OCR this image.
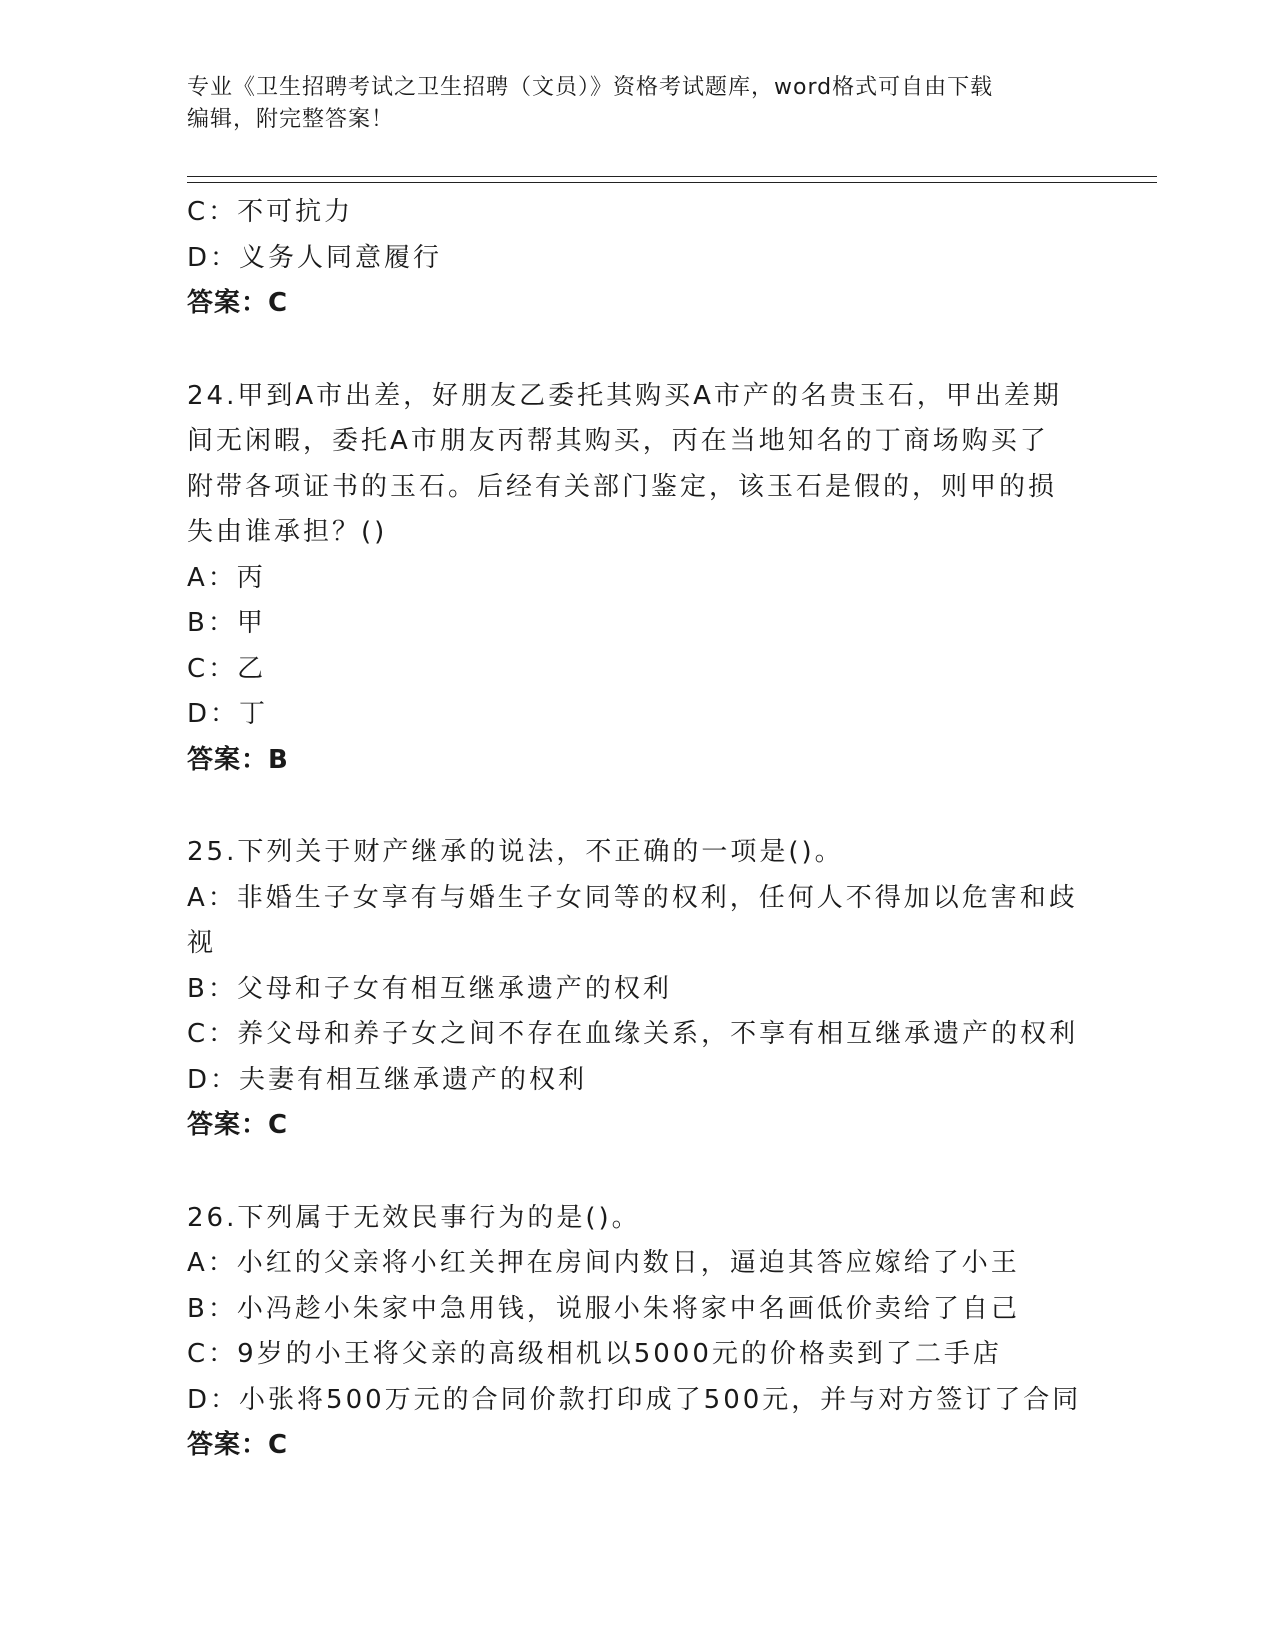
专业《卫生招聘考试之卫生招聘（文员）》资格考试题库，word格式可自由下载
编辑，附完整答案！
C：不可抗力
D：义务人同意履行
答案：C
24.甲到A市出差，好朋友乙委托其购买A市产的名贵玉石，甲出差期
间无闲暇，委托A市朋友丙帮其购买，丙在当地知名的丁商场购买了
附带各项证书的玉石。后经有关部门鉴定，该玉石是假的，则甲的损
失由谁承担？()
A：丙
B：甲
C：乙
D：丁
答案：B
25.下列关于财产继承的说法，不正确的一项是()。
A：非婚生子女享有与婚生子女同等的权利，任何人不得加以危害和歧
视
B：父母和子女有相互继承遗产的权利
C：养父母和养子女之间不存在血缘关系，不享有相互继承遗产的权利
D：夫妻有相互继承遗产的权利
答案：C
26.下列属于无效民事行为的是()。
A：小红的父亲将小红关押在房间内数日，逼迫其答应嫁给了小王
B：小冯趁小朱家中急用钱，说服小朱将家中名画低价卖给了自己
C：9岁的小王将父亲的高级相机以5000元的价格卖到了二手店
D：小张将500万元的合同价款打印成了500元，并与对方签订了合同
答案：C
